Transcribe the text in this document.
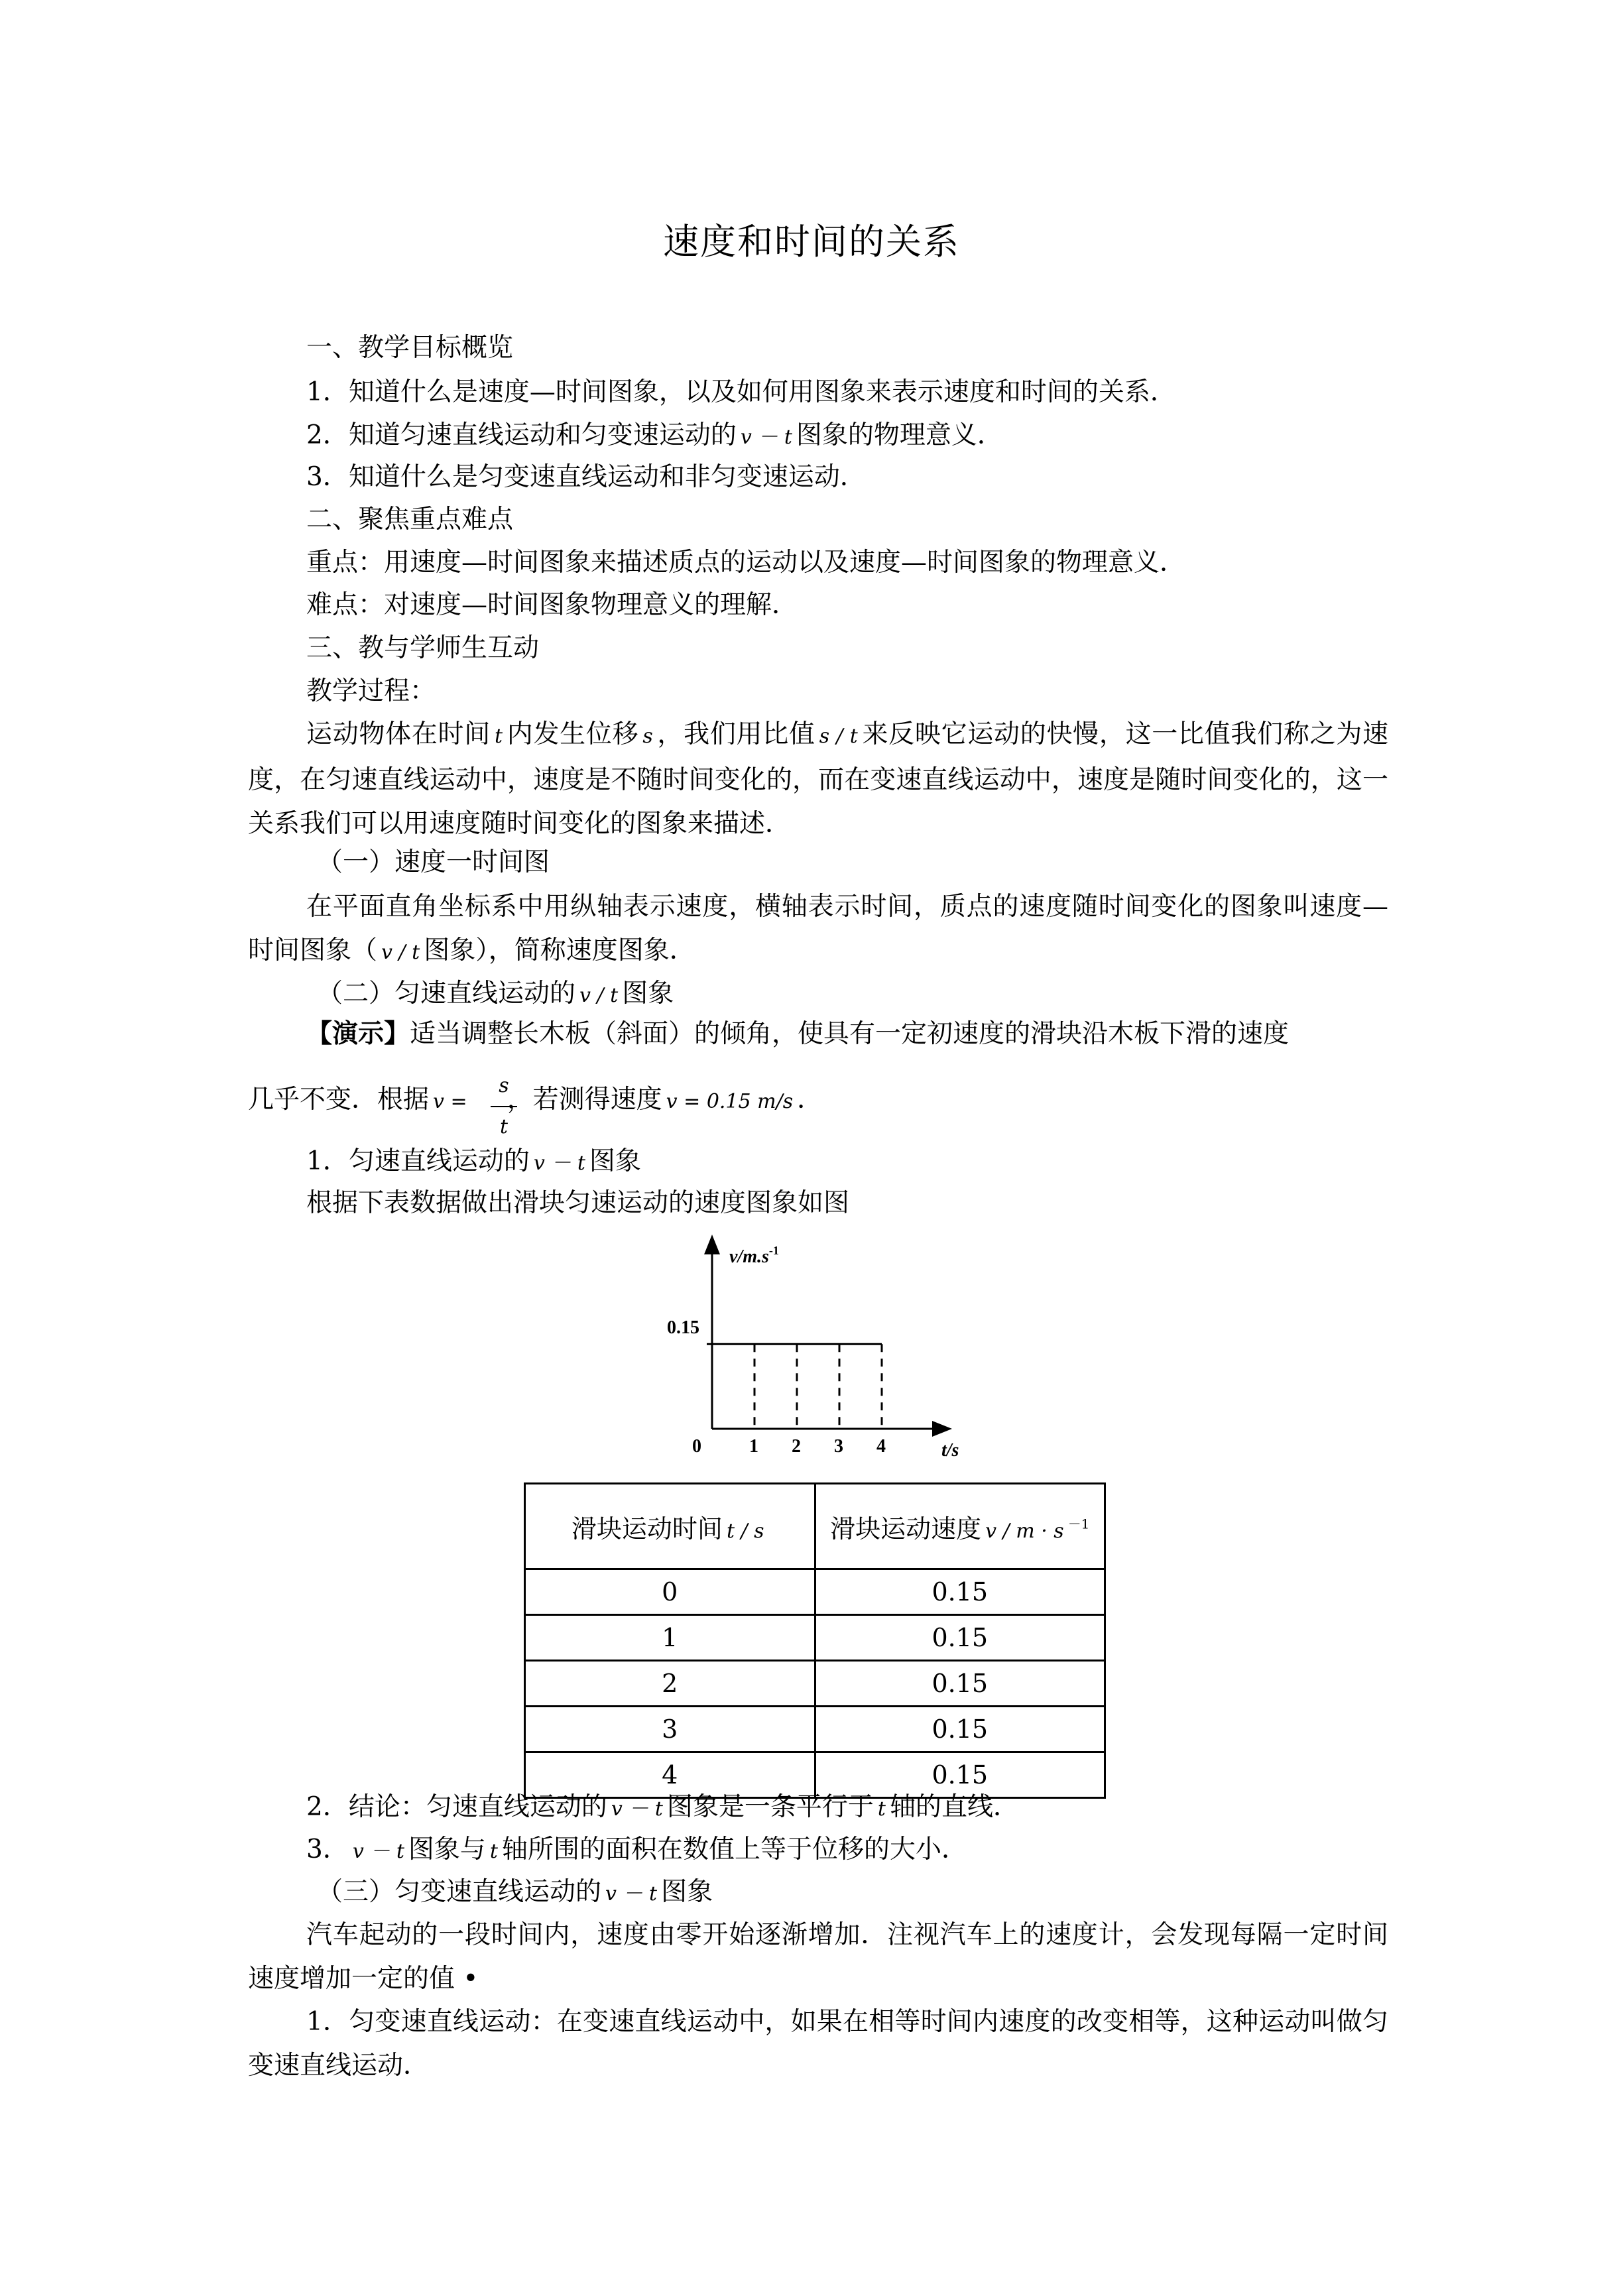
速度和时间的关系
一、教学目标概览
1．知道什么是速度—时间图象，以及如何用图象来表示速度和时间的关系．
2．知道匀速直线运动和匀变速运动的 v － t 图象的物理意义．
3．知道什么是匀变速直线运动和非匀变速运动．
二、聚焦重点难点
重点：用速度—时间图象来描述质点的运动以及速度—时间图象的物理意义．
难点：对速度—时间图象物理意义的理解．
三、教与学师生互动
教学过程：
运动物体在时间 t 内发生位移 s ，我们用比值 s / t 来反映它运动的快慢，这一比值我们称之为速度，在匀速直线运动中，速度是不随时间变化的，而在变速直线运动中，速度是随时间变化的，这一关系我们可以用速度随时间变化的图象来描述．
（一）速度一时间图
在平面直角坐标系中用纵轴表示速度，横轴表示时间，质点的速度随时间变化的图象叫速度—时间图象（ v / t 图象），简称速度图象．
（二）匀速直线运动的 v / t 图象
【演示】适当调整长木板（斜面）的倾角，使具有一定初速度的滑块沿木板下滑的速度
几乎不变．根据 v = ，若测得速度 v = 0.15 m/s ．
s
t
1．匀速直线运动的 v － t 图象
根据下表数据做出滑块匀速运动的速度图象如图
$v/m.s^{-1}$
t/s
0
0.15
1 2 3 4
滑块运动时间 t / s	滑块运动速度 v / m · s $^{-1}$
0	0.15
1	0.15
2	0.15
3	0.15
4	0.15
2．结论：匀速直线运动的 v － t 图象是一条平行于 t 轴的直线．
3． v － t 图象与 t 轴所围的面积在数值上等于位移的大小．
（三）匀变速直线运动的 v － t 图象
汽车起动的一段时间内，速度由零开始逐渐增加．注视汽车上的速度计，会发现每隔一定时间速度增加一定的值 •
1．匀变速直线运动：在变速直线运动中，如果在相等时间内速度的改变相等，这种运动叫做匀变速直线运动．
